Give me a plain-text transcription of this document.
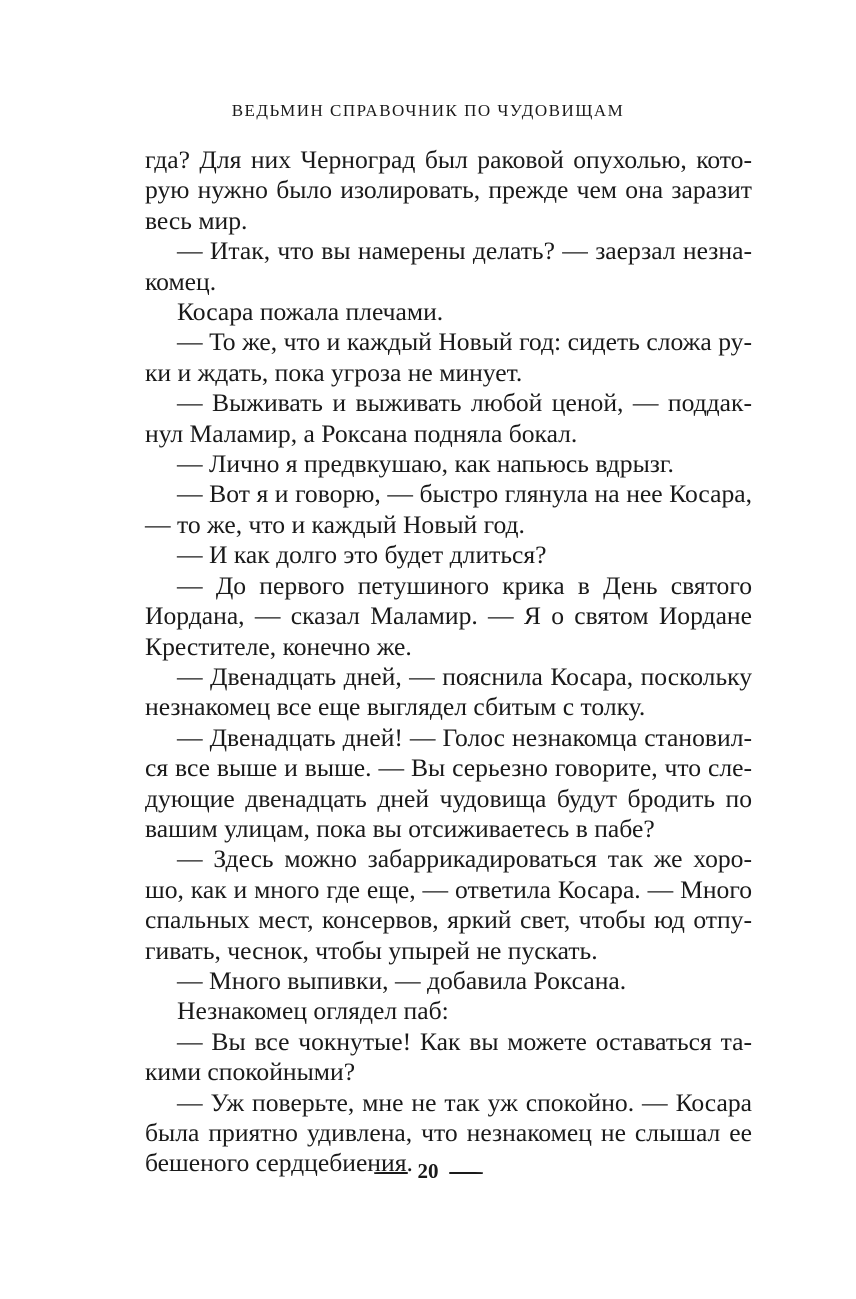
ВЕДЬМИН СПРАВОЧНИК ПО ЧУДОВИЩАМ

гда? Для них Черноград был раковой опухолью, которую нужно было изолировать, прежде чем она заразит весь мир.

— Итак, что вы намерены делать? — заерзал незнакомец.

Косара пожала плечами.

— То же, что и каждый Новый год: сидеть сложа руки и ждать, пока угроза не минует.

— Выживать и выживать любой ценой, — поддакнул Маламир, а Роксана подняла бокал.

— Лично я предвкушаю, как напьюсь вдрызг.

— Вот я и говорю, — быстро глянула на нее Косара, — то же, что и каждый Новый год.

— И как долго это будет длиться?

— До первого петушиного крика в День святого Иордана, — сказал Маламир. — Я о святом Иордане Крестителе, конечно же.

— Двенадцать дней, — пояснила Косара, поскольку незнакомец все еще выглядел сбитым с толку.

— Двенадцать дней! — Голос незнакомца становился все выше и выше. — Вы серьезно говорите, что следующие двенадцать дней чудовища будут бродить по вашим улицам, пока вы отсиживаетесь в пабе?

— Здесь можно забаррикадироваться так же хорошо, как и много где еще, — ответила Косара. — Много спальных мест, консервов, яркий свет, чтобы юд отпугивать, чеснок, чтобы упырей не пускать.

— Много выпивки, — добавила Роксана.

Незнакомец оглядел паб:

— Вы все чокнутые! Как вы можете оставаться такими спокойными?

— Уж поверьте, мне не так уж спокойно. — Косара была приятно удивлена, что незнакомец не слышал ее бешеного сердцебиения. 20
